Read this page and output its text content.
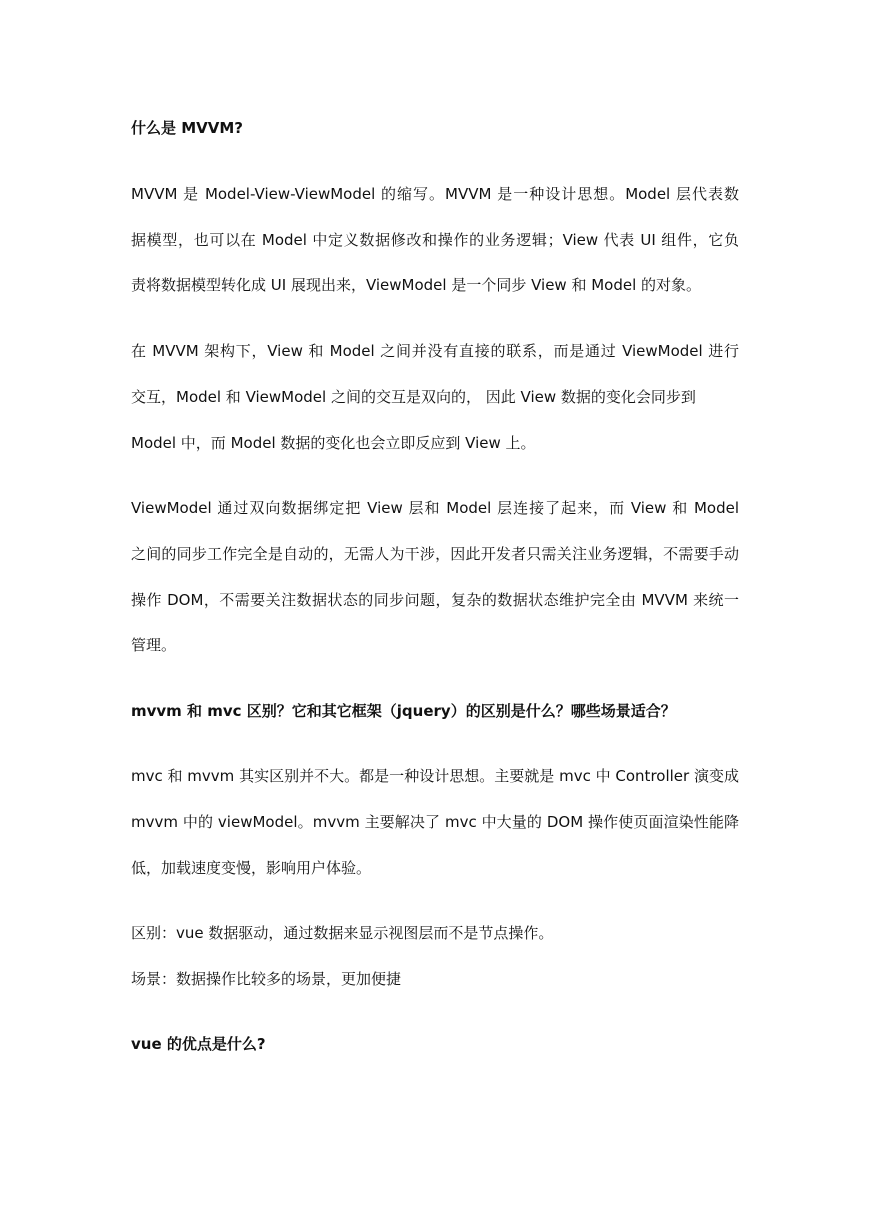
什么是 MVVM?
MVVM 是 Model-View-ViewModel 的缩写。MVVM 是一种设计思想。Model 层代表数
据模型，也可以在 Model 中定义数据修改和操作的业务逻辑；View 代表 UI 组件，它负
责将数据模型转化成 UI 展现出来，ViewModel 是一个同步 View 和 Model 的对象。
在 MVVM 架构下，View 和 Model 之间并没有直接的联系，而是通过 ViewModel 进行
交互，Model 和 ViewModel 之间的交互是双向的， 因此 View 数据的变化会同步到
Model 中，而 Model 数据的变化也会立即反应到 View 上。
ViewModel 通过双向数据绑定把 View 层和 Model 层连接了起来，而 View 和 Model
之间的同步工作完全是自动的，无需人为干涉，因此开发者只需关注业务逻辑，不需要手动
操作 DOM，不需要关注数据状态的同步问题，复杂的数据状态维护完全由 MVVM 来统一
管理。
mvvm 和 mvc 区别？它和其它框架（jquery）的区别是什么？哪些场景适合？
mvc 和 mvvm 其实区别并不大。都是一种设计思想。主要就是 mvc 中 Controller 演变成
mvvm 中的 viewModel。mvvm 主要解决了 mvc 中大量的 DOM 操作使页面渲染性能降
低，加载速度变慢，影响用户体验。
区别：vue 数据驱动，通过数据来显示视图层而不是节点操作。
场景：数据操作比较多的场景，更加便捷
vue 的优点是什么?
